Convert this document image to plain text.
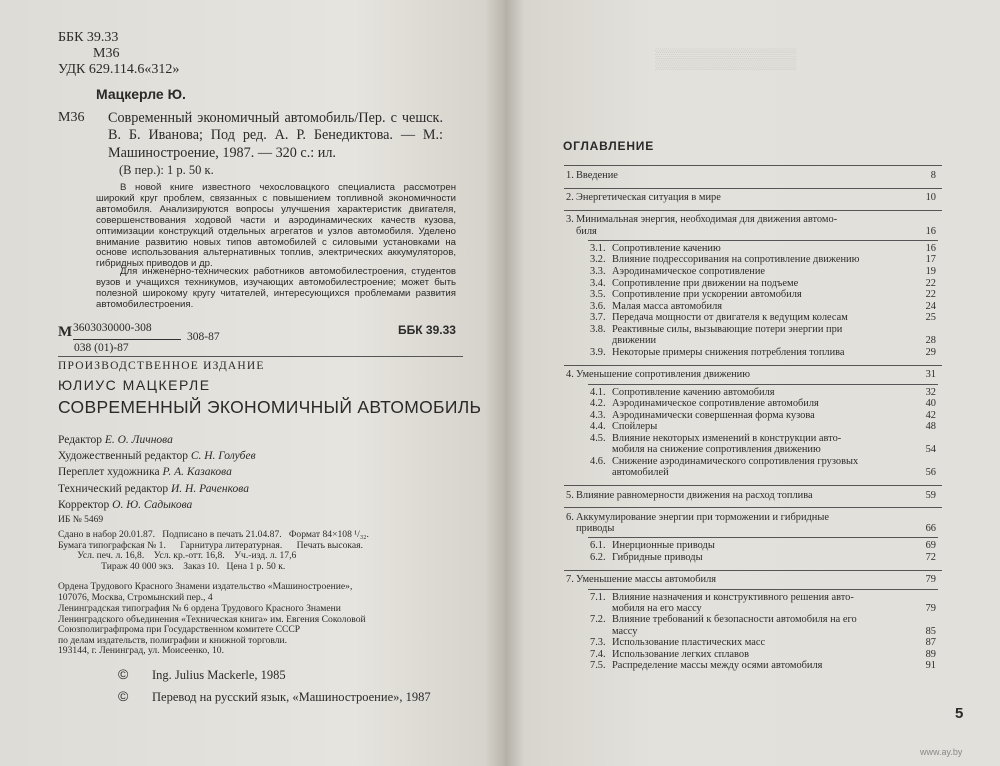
ББК 39.33
М36
УДК 629.114.6«312»
Мацкерле Ю.
М36 Современный экономичный автомобиль/Пер. с чешск. В. Б. Иванова; Под ред. А. Р. Бенедиктова. — М.: Машиностроение, 1987. — 320 с.: ил.
(В пер.): 1 р. 50 к.
В новой книге известного чехословацкого специалиста рассмотрен широкий круг проблем, связанных с повышением топливной экономичности автомобиля. Анализируются вопросы улучшения характеристик двигателя, совершенствования ходовой части и аэродинамических качеств кузова, оптимизации конструкций отдельных агрегатов и узлов автомобиля. Уделено внимание развитию новых типов автомобилей с силовыми установками на основе использования альтернативных топлив, электрических аккумуляторов, гибридных приводов и др.
Для инженерно-технических работников автомобилестроения, студентов вузов и учащихся техникумов, изучающих автомобилестроение; может быть полезной широкому кругу читателей, интересующихся проблемами развития автомобилестроения.
М 3603030000-308
038 (01)-87
308-87	ББК 39.33
ПРОИЗВОДСТВЕННОЕ ИЗДАНИЕ
ЮЛИУС МАЦКЕРЛЕ
СОВРЕМЕННЫЙ ЭКОНОМИЧНЫЙ АВТОМОБИЛЬ
Редактор Е. О. Личнова
Художественный редактор С. Н. Голубев
Переплет художника Р. А. Казакова
Технический редактор И. Н. Раченкова
Корректор О. Ю. Садыкова
ИБ № 5469
Сдано в набор 20.01.87.   Подписано в печать 21.04.87.   Формат 84×108 ¹/₃₂.
Бумага типографская № 1.      Гарнитура литературная.      Печать высокая.
Усл. печ. л. 16,8.    Усл. кр.-отт. 16,8.    Уч.-изд. л. 17,6
Тираж 40 000 экз.    Заказ 10.   Цена 1 р. 50 к.
Ордена Трудового Красного Знамени издательство «Машиностроение»,
107076, Москва, Стромынский пер., 4
Ленинградская типография № 6 ордена Трудового Красного Знамени
Ленинградского объединения «Техническая книга» им. Евгения Соколовой
Союзполиграфпрома при Государственном комитете СССР
по делам издательств, полиграфии и книжной торговли.
193144, г. Ленинград, ул. Моисеенко, 10.
© Ing. Julius Mackerle, 1985
© Перевод на русский язык, «Машиностроение», 1987
▒▒▒▒▒▒▒▒▒▒
ОГЛАВЛЕНИЕ
1. Введение	8
2. Энергетическая ситуация в мире	10
3. Минимальная энергия, необходимая для движения автомо-
биля	16
3.1. Сопротивление качению	16
3.2. Влияние подрессоривания на сопротивление движению	17
3.3. Аэродинамическое сопротивление	19
3.4. Сопротивление при движении на подъеме	22
3.5. Сопротивление при ускорении автомобиля	22
3.6. Малая масса автомобиля	24
3.7. Передача мощности от двигателя к ведущим колесам	25
3.8. Реактивные силы, вызывающие потери энергии при
движении	28
3.9. Некоторые примеры снижения потребления топлива	29
4. Уменьшение сопротивления движению	31
4.1. Сопротивление качению автомобиля	32
4.2. Аэродинамическое сопротивление автомобиля	40
4.3. Аэродинамически совершенная форма кузова	42
4.4. Спойлеры	48
4.5. Влияние некоторых изменений в конструкции авто-
мобиля на снижение сопротивления движению	54
4.6. Снижение аэродинамического сопротивления грузовых
автомобилей	56
5. Влияние равномерности движения на расход топлива	59
6. Аккумулирование энергии при торможении и гибридные
приводы	66
6.1. Инерционные приводы	69
6.2. Гибридные приводы	72
7. Уменьшение массы автомобиля	79
7.1. Влияние назначения и конструктивного решения авто-
мобиля на его массу	79
7.2. Влияние требований к безопасности автомобиля на его
массу	85
7.3. Использование пластических масс	87
7.4. Использование легких сплавов	89
7.5. Распределение массы между осями автомобиля	91
5
www.ay.by
